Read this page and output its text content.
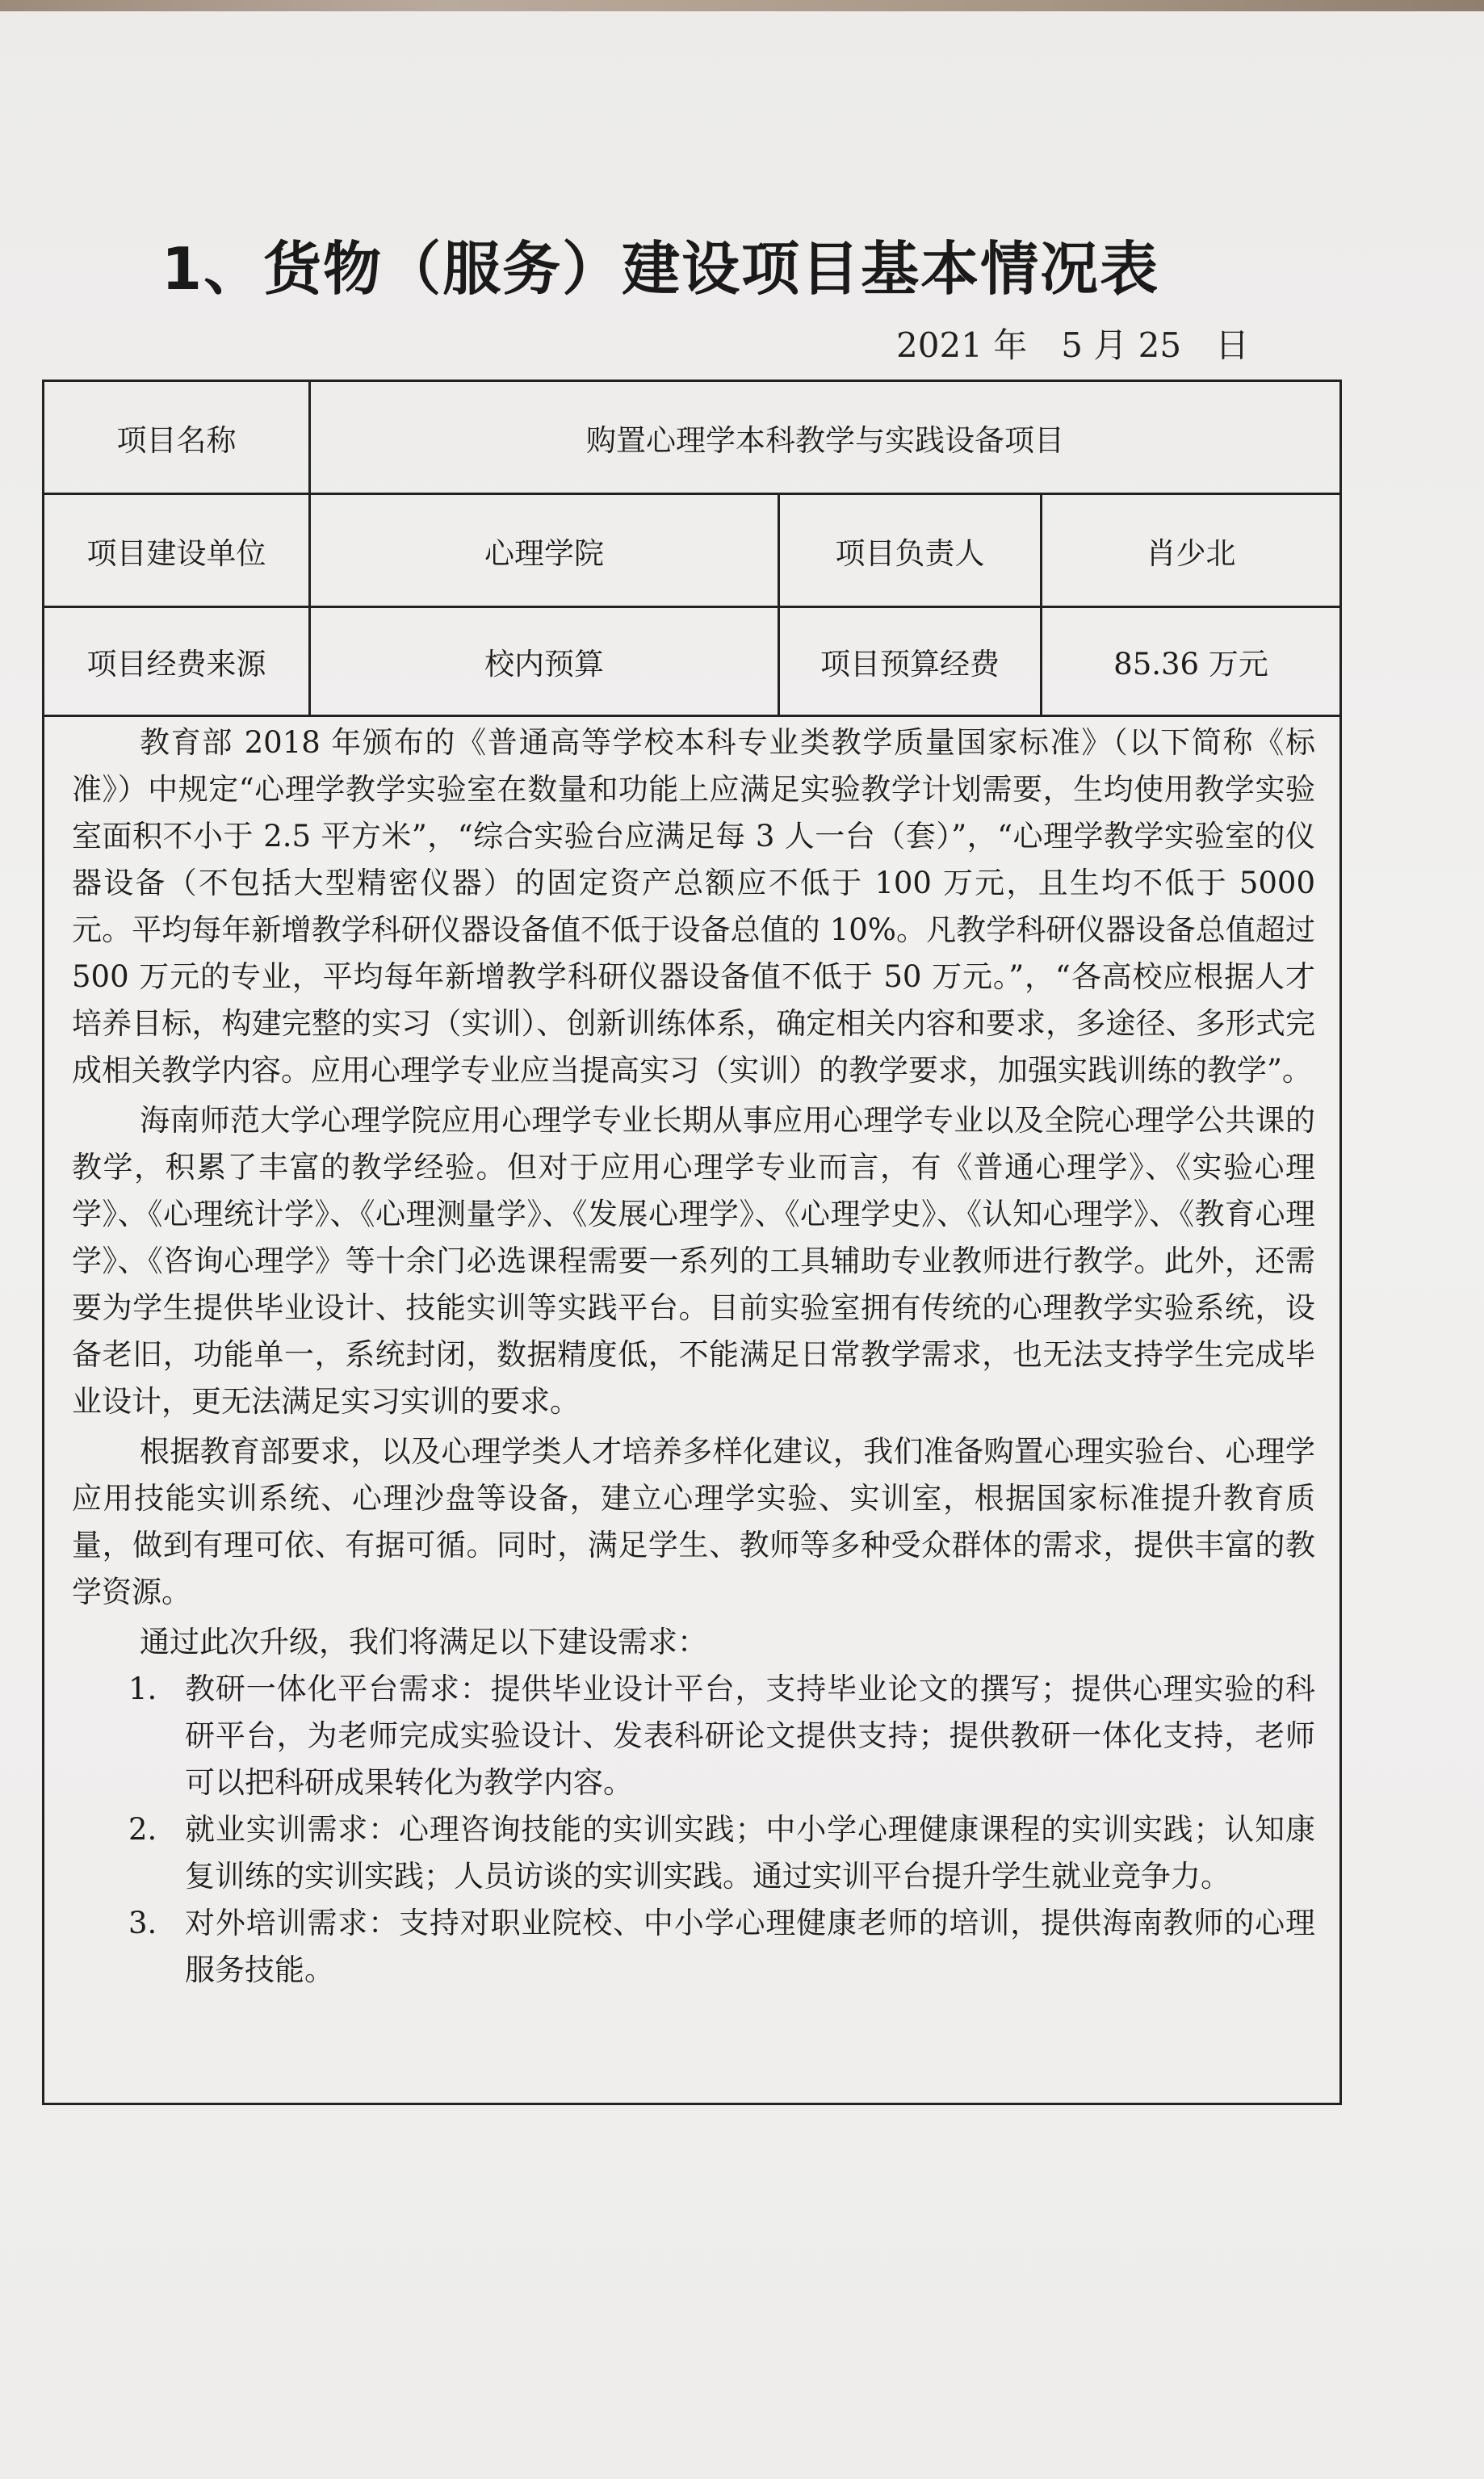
1、货物（服务）建设项目基本情况表
2021 年　5 月 25　日
项目名称	购置心理学本科教学与实践设备项目
项目建设单位	心理学院	项目负责人	肖少北
项目经费来源	校内预算	项目预算经费	85.36 万元

教育部 2018 年颁布的《普通高等学校本科专业类教学质量国家标准》（以下简称《标准》）中规定“心理学教学实验室在数量和功能上应满足实验教学计划需要，生均使用教学实验室面积不小于 2.5 平方米”，“综合实验台应满足每 3 人一台（套）”，“心理学教学实验室的仪器设备（不包括大型精密仪器）的固定资产总额应不低于 100 万元，且生均不低于 5000 元。平均每年新增教学科研仪器设备值不低于设备总值的 10%。凡教学科研仪器设备总值超过 500 万元的专业，平均每年新增教学科研仪器设备值不低于 50 万元。”，“各高校应根据人才培养目标，构建完整的实习（实训）、创新训练体系，确定相关内容和要求，多途径、多形式完成相关教学内容。应用心理学专业应当提高实习（实训）的教学要求，加强实践训练的教学”。

海南师范大学心理学院应用心理学专业长期从事应用心理学专业以及全院心理学公共课的教学，积累了丰富的教学经验。但对于应用心理学专业而言，有《普通心理学》、《实验心理学》、《心理统计学》、《心理测量学》、《发展心理学》、《心理学史》、《认知心理学》、《教育心理学》、《咨询心理学》等十余门必选课程需要一系列的工具辅助专业教师进行教学。此外，还需要为学生提供毕业设计、技能实训等实践平台。目前实验室拥有传统的心理教学实验系统，设备老旧，功能单一，系统封闭，数据精度低，不能满足日常教学需求，也无法支持学生完成毕业设计，更无法满足实习实训的要求。

根据教育部要求，以及心理学类人才培养多样化建议，我们准备购置心理实验台、心理学应用技能实训系统、心理沙盘等设备，建立心理学实验、实训室，根据国家标准提升教育质量，做到有理可依、有据可循。同时，满足学生、教师等多种受众群体的需求，提供丰富的教学资源。

通过此次升级，我们将满足以下建设需求：

1. 教研一体化平台需求：提供毕业设计平台，支持毕业论文的撰写；提供心理实验的科研平台，为老师完成实验设计、发表科研论文提供支持；提供教研一体化支持，老师可以把科研成果转化为教学内容。
2. 就业实训需求：心理咨询技能的实训实践；中小学心理健康课程的实训实践；认知康复训练的实训实践；人员访谈的实训实践。通过实训平台提升学生就业竞争力。
3. 对外培训需求：支持对职业院校、中小学心理健康老师的培训，提供海南教师的心理服务技能。
